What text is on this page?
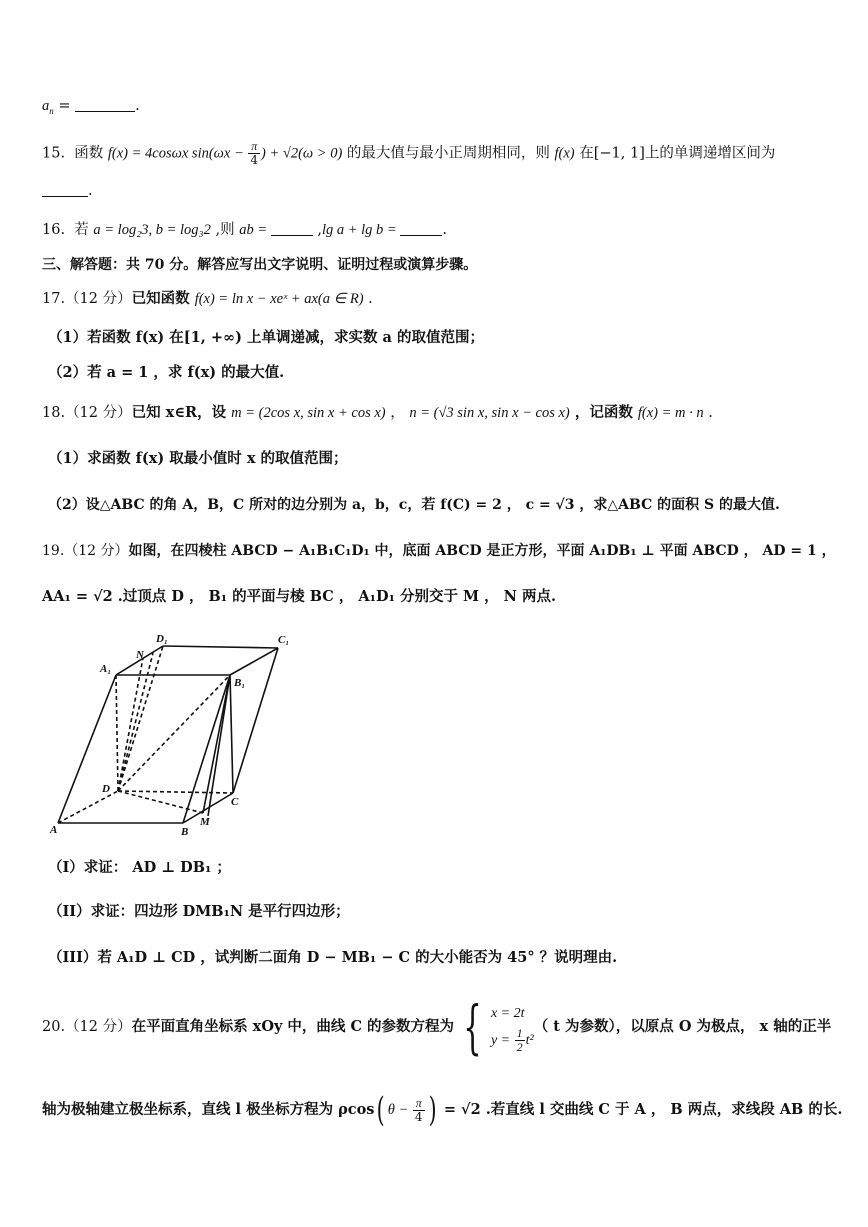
$a_n$ =	.
15. 函数 f(x) = 4cosωx $\sin(\omega x - \frac{\pi}{4}$ ) + √2(ω > 0) 的最大值与最小正周期相同，则 f(x) 在[−1, 1]上的单调递增区间为
.
16. 若 a = log₂3, b = log₃2 ,则 ab =	,lg a + lg b =	.
三、解答题：共 70 分。解答应写出文字说明、证明过程或演算步骤。
17.（12 分）已知函数 f(x) = ln x − xeˣ + ax(a ∈ R) .
（1）若函数 f(x) 在[1, +∞) 上单调递减，求实数 a 的取值范围；
（2）若 a = 1 ，求 f(x) 的最大值.
18.（12 分）已知 x∈R，设 m = (2cos x, sin x + cos x) ， n = (√3 sin x, sin x − cos x) ，记函数 f(x) = m · n .
（1）求函数 f(x) 取最小值时 x 的取值范围；
（2）设△ABC 的角 A，B，C 所对的边分别为 a，b，c，若 f(C) = 2 ， c = √3 ，求△ABC 的面积 S 的最大值.
19.（12 分）如图，在四棱柱 ABCD − A₁B₁C₁D₁ 中，底面 ABCD 是正方形，平面 A₁DB₁ ⊥ 平面 ABCD ， AD = 1 ，
AA₁ = √2 .过顶点 D ， B₁ 的平面与棱 BC ， A₁D₁ 分别交于 M ， N 两点.
D₁	C₁
A₁
N
B₁
D
C
A	B
M
（I）求证： AD ⊥ DB₁ ；
（II）求证：四边形 DMB₁N 是平行四边形；
（III）若 A₁D ⊥ CD ，试判断二面角 D − MB₁ − C 的大小能否为 45° ？说明理由.
20.（12 分）在平面直角坐标系 xOy 中，曲线 C 的参数方程为 { x = 2t
$y = \frac{1}{2} t^2$
（ t 为参数），以原点 O 为极点， x 轴的正半
轴为极轴建立极坐标系，直线 l 极坐标方程为 ρcos( $\theta - \frac{\pi}{4}$ ) = √2 .若直线 l 交曲线 C 于 A ， B 两点，求线段 AB 的长.
